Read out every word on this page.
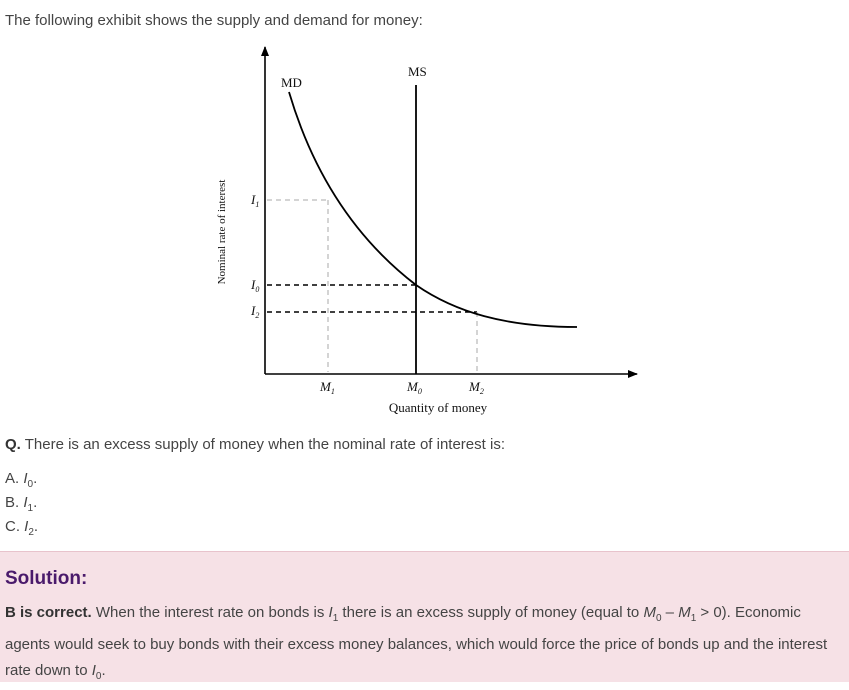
The following exhibit shows the supply and demand for money:
MD
MS
$I_1$
$I_0$
$I_2$
$M_1$	$M_0$	$M_2$
Quantity of money
Nominal rate of interest
Q. There is an excess supply of money when the nominal rate of interest is:
A. $I_0$.
B. $I_1$.
C. $I_2$.
Solution:
B is correct. When the interest rate on bonds is $I_1$ there is an excess supply of money (equal to $M_0 - M_1 > 0$). Economic agents would seek to buy bonds with their excess money balances, which would force the price of bonds up and the interest rate down to $I_0$.
